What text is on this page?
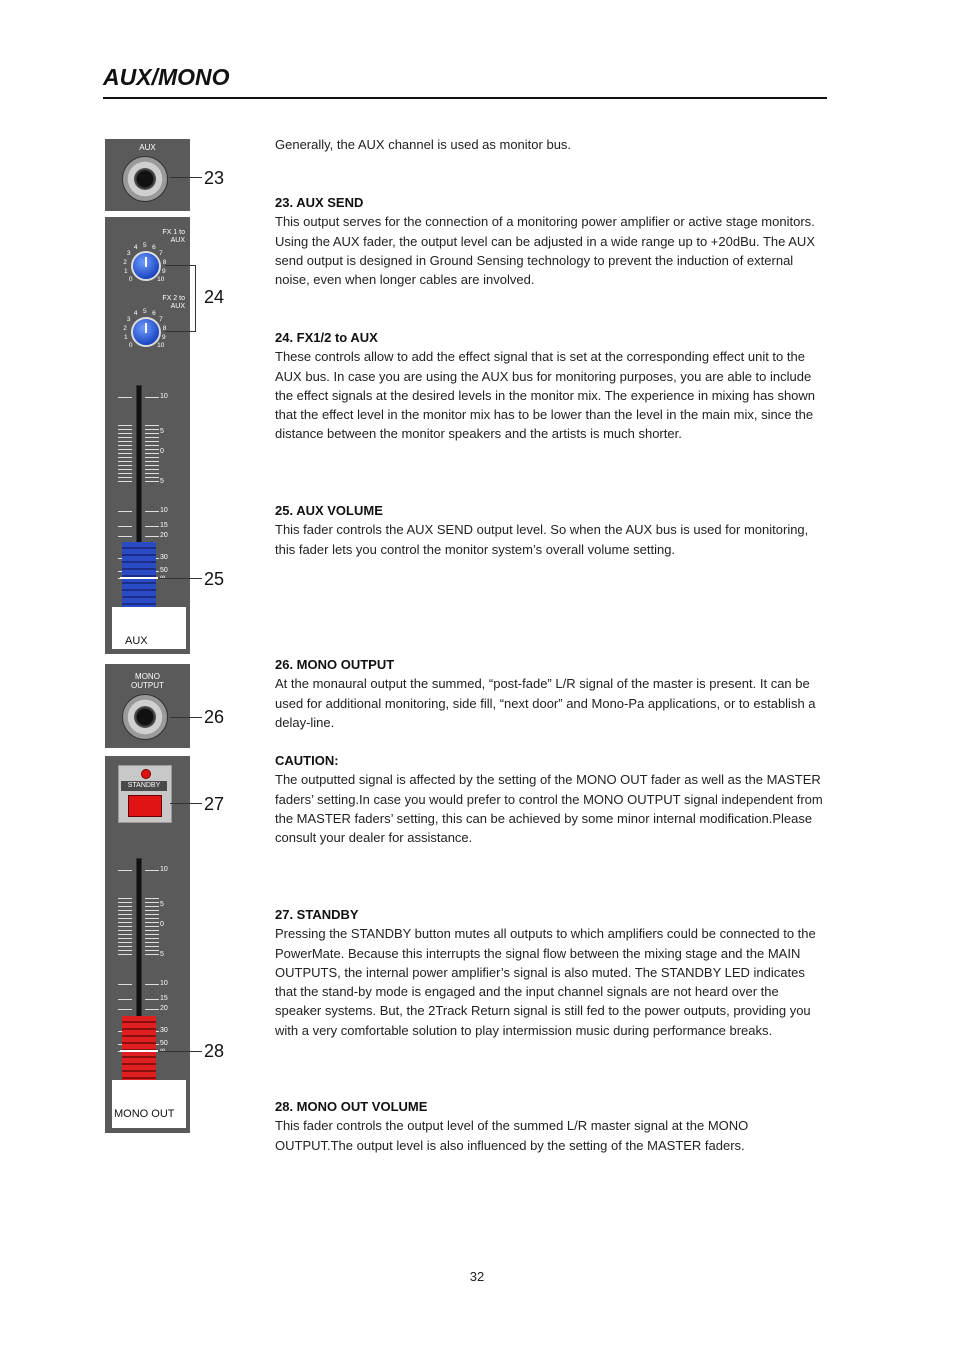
AUX/MONO
AUX
FX 1 to
AUX
0
1
2
3
4 5 6
7
8
9
10
FX 2 to
AUX
0
1
2
3
4 5 6
7
8
9
10
10
5
0
5
10
15
20
30
50
AUX
MONO
OUTPUT
STANDBY
10
5
0
5
10
15
20
30
50
MONO OUT
23
24
25
26
27
28
Generally, the AUX channel is used as monitor bus.
23. AUX SEND
This output serves for the connection of a monitoring power amplifier or active stage monitors. Using the AUX fader, the output level can be adjusted in a wide range up to +20dBu. The AUX send output is designed in Ground Sensing technology to prevent the induction of external noise, even when longer cables are involved.
24. FX1/2 to AUX
These controls allow to add the effect signal that is set at the corresponding effect unit to the AUX bus. In case you are using the AUX bus for monitoring purposes, you are able to include the effect signals at the desired levels in the monitor mix. The experience in mixing has shown that the effect level in the monitor mix has to be lower than the level in the main mix, since the distance between the monitor speakers and the artists is much shorter.
25. AUX VOLUME
This fader controls the AUX SEND output level. So when the AUX bus is used for monitoring, this fader lets you control the monitor system’s overall volume setting.
26. MONO OUTPUT
At the monaural output the summed, “post-fade” L/R signal of the master is present. It can be used for additional monitoring, side fill, “next door” and Mono-Pa applications, or to establish a delay-line.
CAUTION:
The outputted signal is affected by the setting of the MONO OUT fader as well as the MASTER faders’ setting.In case you would prefer to control the MONO OUTPUT signal independent from the MASTER faders’ setting, this can be achieved by some minor internal modification.Please consult your dealer for assistance.
27. STANDBY
Pressing the STANDBY button mutes all outputs to which amplifiers could be connected to the PowerMate. Because this interrupts the signal flow between the mixing stage and the MAIN OUTPUTS, the internal power amplifier’s signal is also muted. The STANDBY LED indicates that the stand-by mode is engaged and the input channel signals are not heard over the speaker systems. But, the 2Track Return signal is still fed to the power outputs, providing you with a very comfortable solution to play intermission music during performance breaks.
28. MONO OUT VOLUME
This fader controls the output level of the summed L/R master signal at the MONO OUTPUT.The output level is also influenced by the setting of the MASTER faders.
32
